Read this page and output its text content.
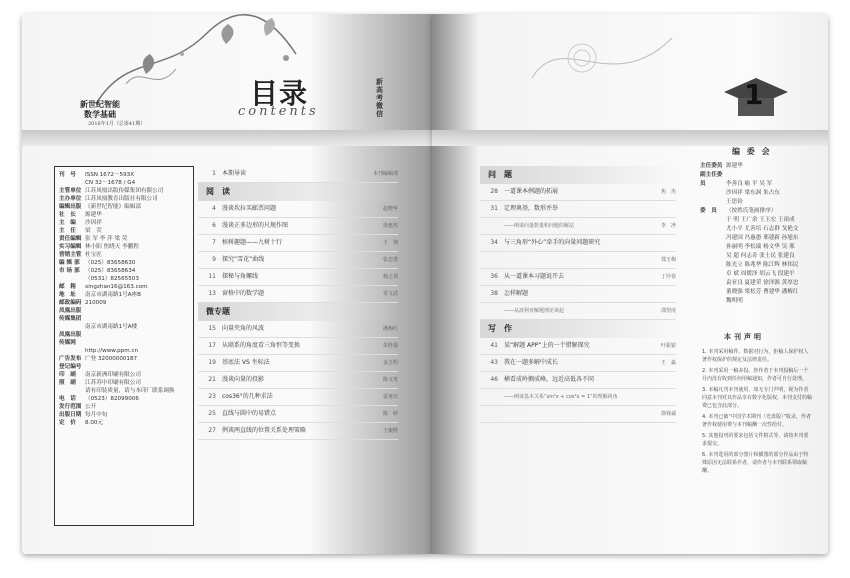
新世纪智能
数学基础
2016年1月（总第41期）
目录
contents
新高考微信
刊　号	ISSN 1672－593X
CN 32－1678 / G4
主管单位 江苏凤凰出版传媒集团有限公司
主办单位 江苏凤凰教育出版社有限公司
编辑出版 《新世纪智能》编辑部
社　长	源建华
主　编	沙因祥
主　任	梁　荧
责任编辑 张 军 李 萍 梁 荧
实习编辑 林小阳 焦晓天 李鹏程
营销主管 杜宝匠
编 辑 部 （025）83658630
市 场 部 （025）83658634
（0531）82565503
邮　箱	xingzhan16@163.com
地　址	南京市湖南路1号A座B
邮政编码 210009
凤凰出版传媒集团
南京市湖南路1号A楼
凤凰出版传媒网
http://www.ppm.cn
广告发布登记编号
广登 32000000187
印　刷	南京新洲印刷有限公司
照　刷	江苏苏中印刷有限公司
请有印装质量，请与本印厂联系调换
电　话	（0523）82099006
发行范围 公开
出版日期 每月中旬
定　价	8.00元
1	本期导读	本刊编辑部
阅　读
4	漫谈坎拉买邮票问题	赵晓华
6	漫谈正多边形的尺规作图	徐惠杰
7	棺树趣题——九树十行	王　翔
9	探究“雪花”曲线	张志勇
11	探秘与角螺线	杨之邦
13	窗格中的数学题	常文武
微专题
15	向量夹角的风波	潘梅红
17	从联系的角度看三角恒等变换	朱胜强
19	基底法 VS 坐标法	金玉明
21	漫谈向量的投影	陈文英
23	cos36°的几种求法	雷亚庆
25	直线与圆中的易错点	陈　研
27	例谈两直线的位置关系处理策略	王俊胜
1
问　题
28	一道课本例题的拓展	焦　杰
31	定理奥基，数形并举
——例谈向量数量积问题的解法	李　净
34	与三角形“外心”牵手的向量问题研究
郑玉梅
36	从一道课本习题说开去	丁玲春
38	怎样解题
——从波利亚解题理论谈起	邵望虎
写　作
41	某“解题 APP”上的一个错解探究	叶振银
43	我在一题多解中成长	王　淼
46	横看成岭侧成峰，远近高低各不同
——例谈基本关系“sin²x + cos²x = 1”的理解视角
徐钱诚
编 委 会
主任委员 源建华
副主任委员	李善良 喻 平 吴 军
沙因祥 梁东洞 朱占东
王思俭
委　员 （按姓氏笔画排序）
于 明 王广余 王玉宏 王祖成
尤小平 尤善培 石志群 戈艳文
冯建国 冯惠愚 邢建新 孙旭东
孙丽明 李松瑞 杨文华 吴 邢
吴 超 何志奇 张士民 张建良
陈光立 陈兆华 陈江辉 林伟民
卓 斌 周媛泽 胡云飞 段建平
袁亚良 夏建荣 徐泽源 黄厚忠
董晓强 梁松芳 曹建华 潘梅红
魏明明
本刊声明
1. 本刊采用稿件、数据对行为，拒稿人保护权人著作权保护的规定及法律责任。
2. 本刊采用一稿多投、抄作者于本刊投稿后一个月内没有收到任何用稿通知，作者可自行处理。
3. 本稿凡刊本刊使用，如无专门声明，视为作者同意本刊对其作品享有数字化版权，本刊支付的稿费已包含此部分。
4. 本刊已被“中国学术期刊（光盘版）”收录，作者著作权使用费与本刊稿酬一次性给付。
5. 其他投刊的要求包括文件格式等，请按本刊要求提交。
6. 本刊选用的部分图片和插图的部分作品由于特殊原因无法联系作者，请作者与本刊联系领取稿酬。
